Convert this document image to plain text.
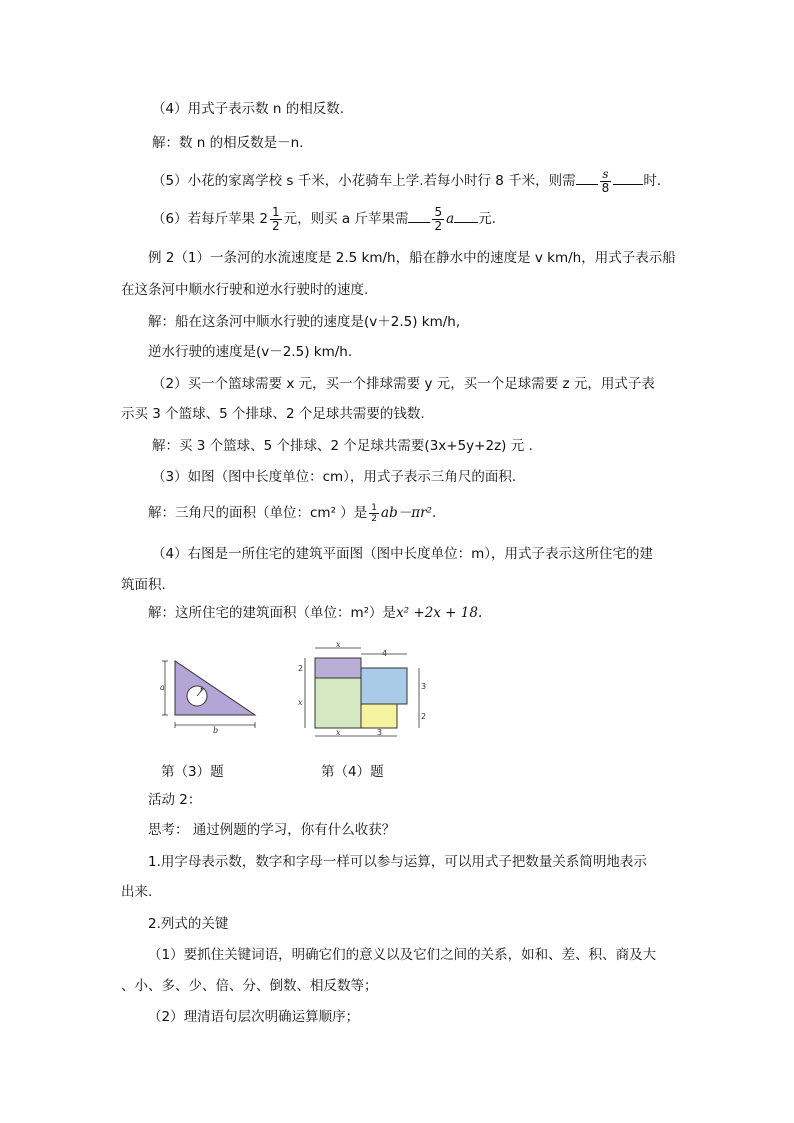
（4）用式子表示数 n 的相反数.
解：数 n 的相反数是－n.
（5）小花的家离学校 s 千米，小花骑车上学.若每小时行 8 千米，则需 $\frac{s}{8}$ 时.
（6）若每斤苹果 $2 \frac{1}{2}$ 元，则买 a 斤苹果需 $\frac{5}{2}$ a 元.
例 2（1）一条河的水流速度是 2.5 km/h，船在静水中的速度是 v km/h，用式子表示船
在这条河中顺水行驶和逆水行驶时的速度.
解：船在这条河中顺水行驶的速度是(v＋2.5) km/h,
逆水行驶的速度是(v－2.5) km/h.
（2）买一个篮球需要 x 元，买一个排球需要 y 元，买一个足球需要 z 元，用式子表
示买 3 个篮球、5 个排球、2 个足球共需要的钱数.
解：买 3 个篮球、5 个排球、2 个足球共需要(3x+5y+2z) 元 .
（3）如图（图中长度单位：cm），用式子表示三角尺的面积.
解：三角尺的面积（单位：cm² ）是 $\frac{1}{2} ab-\pi r^2$.
（4）右图是一所住宅的建筑平面图（图中长度单位：m），用式子表示这所住宅的建
筑面积.
解：这所住宅的建筑面积（单位：m²）是x² +2x + 18.
r
a
b
x
4
2
x
3
2
x	3
第（3）题	第（4）题
活动 2：
思考： 通过例题的学习，你有什么收获？
1.用字母表示数，数字和字母一样可以参与运算，可以用式子把数量关系简明地表示
出来.
2.列式的关键
（1）要抓住关键词语，明确它们的意义以及它们之间的关系，如和、差、积、商及大
、小、多、少、倍、分、倒数、相反数等；
（2）理清语句层次明确运算顺序；
